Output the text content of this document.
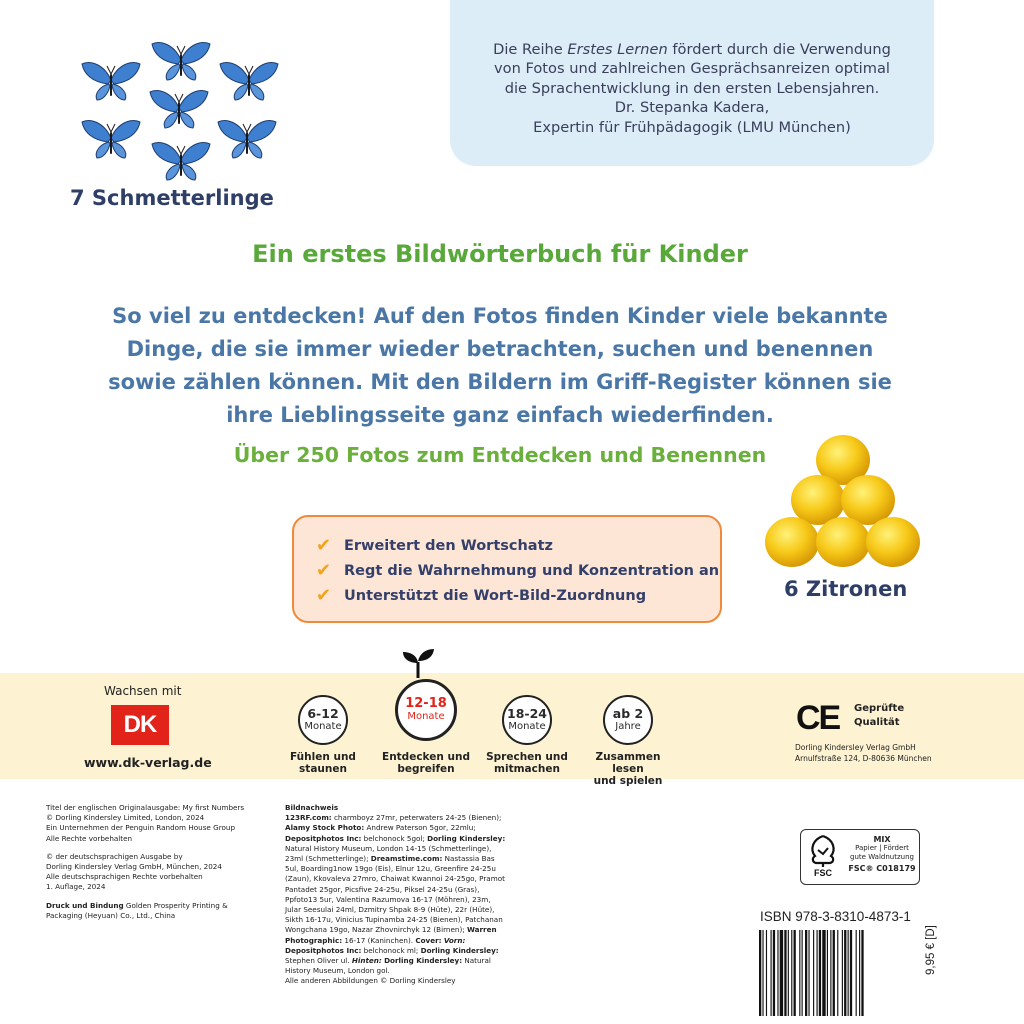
Die Reihe Erstes Lernen fördert durch die Verwendung
von Fotos und zahlreichen Gesprächsanreizen optimal
die Sprachentwicklung in den ersten Lebensjahren.
Dr. Stepanka Kadera,
Expertin für Frühpädagogik (LMU München)
7 Schmetterlinge
Ein erstes Bildwörterbuch für Kinder
So viel zu entdecken! Auf den Fotos finden Kinder viele bekannte
Dinge, die sie immer wieder betrachten, suchen und benennen
sowie zählen können. Mit den Bildern im Griff-Register können sie
ihre Lieblingsseite ganz einfach wiederfinden.
Über 250 Fotos zum Entdecken und Benennen
✔ Erweitert den Wortschatz
✔ Regt die Wahrnehmung und Konzentration an
✔ Unterstützt die Wort-Bild-Zuordnung	6 Zitronen
Wachsen mit
DK
www.dk-verlag.de
6-12
Monate
Fühlen und
staunen
12-18
Monate
Entdecken und
begreifen
18-24
Monate
Sprechen und
mitmachen
ab 2
Jahre
Zusammen lesen
und spielen
CE Geprüfte
Qualität
Dorling Kindersley Verlag GmbH
Arnulfstraße 124, D-80636 München

Titel der englischen Originalausgabe: My first Numbers
© Dorling Kindersley Limited, London, 2024
Ein Unternehmen der Penguin Random House Group
Alle Rechte vorbehalten

© der deutschsprachigen Ausgabe by
Dorling Kindersley Verlag GmbH, München, 2024
Alle deutschsprachigen Rechte vorbehalten
1. Auflage, 2024

Druck und Bindung Golden Prosperity Printing & Packaging (Heyuan) Co., Ltd., China

Bildnachweis
123RF.com: charmboyz 27mr, peterwaters 24-25 (Bienen); Alamy Stock Photo: Andrew Paterson 5gor, 22mlu; Depositphotos Inc: belchonock 5gol; Dorling Kindersley: Natural History Museum, London 14-15 (Schmetterlinge), 23ml (Schmetterlinge); Dreamstime.com: Nastassia Bas 5ul, Boarding1now 19go (Eis), Elnur 12u, Greenfire 24-25u (Zaun), Kkovaleva 27mro, Chaiwat Kwannoi 24-25go, Pramot Pantadet 25gor, Picsfive 24-25u, Piksel 24-25u (Gras), Ppfoto13 5ur, Valentina Razumova 16-17 (Möhren), 23m, Jular Seesulai 24ml, Dzmitry Shpak 8-9 (Hüte), 22r (Hüte), Sikth 16-17u, Vinicius Tupinamba 24-25 (Bienen), Patchanan Wongchana 19go, Nazar Zhovnirchyk 12 (Birnen); Warren Photographic: 16-17 (Kaninchen). Cover: Vorn: Depositphotos Inc: belchonock ml; Dorling Kindersley: Stephen Oliver ul. Hinten: Dorling Kindersley: Natural History Museum, London gol.
Alle anderen Abbildungen © Dorling Kindersley
FSC
MIX
Papier | Fördert
gute Waldnutzung
FSC® C018179
ISBN 978-3-8310-4873-1
9,95 € [D]
